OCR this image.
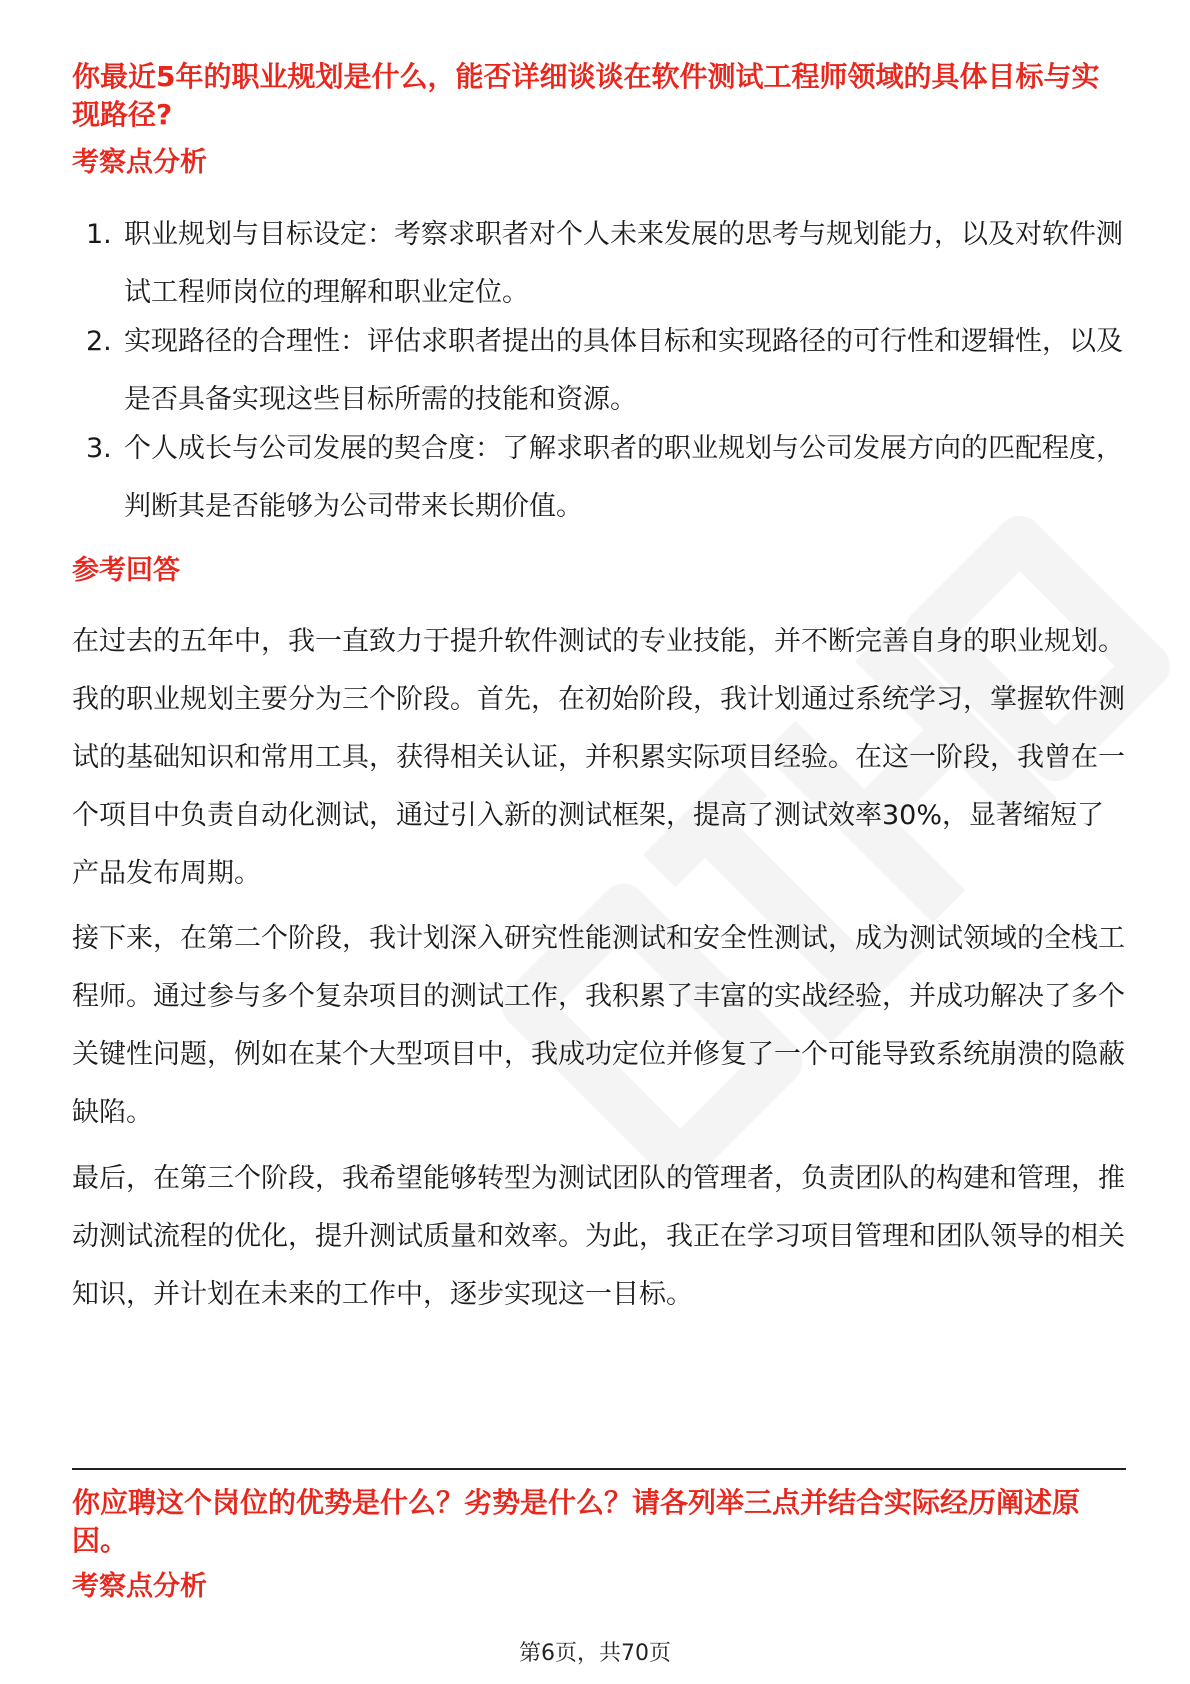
你最近5年的职业规划是什么，能否详细谈谈在软件测试工程师领域的具体目标与实现路径?
考察点分析
1. 职业规划与目标设定：考察求职者对个人未来发展的思考与规划能力，以及对软件测试工程师岗位的理解和职业定位。
2. 实现路径的合理性：评估求职者提出的具体目标和实现路径的可行性和逻辑性，以及是否具备实现这些目标所需的技能和资源。
3. 个人成长与公司发展的契合度：了解求职者的职业规划与公司发展方向的匹配程度，判断其是否能够为公司带来长期价值。
参考回答

在过去的五年中，我一直致力于提升软件测试的专业技能，并不断完善自身的职业规划。我的职业规划主要分为三个阶段。首先，在初始阶段，我计划通过系统学习，掌握软件测试的基础知识和常用工具，获得相关认证，并积累实际项目经验。在这一阶段，我曾在一个项目中负责自动化测试，通过引入新的测试框架，提高了测试效率30%，显著缩短了产品发布周期。

接下来，在第二个阶段，我计划深入研究性能测试和安全性测试，成为测试领域的全栈工程师。通过参与多个复杂项目的测试工作，我积累了丰富的实战经验，并成功解决了多个关键性问题，例如在某个大型项目中，我成功定位并修复了一个可能导致系统崩溃的隐蔽缺陷。

最后，在第三个阶段，我希望能够转型为测试团队的管理者，负责团队的构建和管理，推动测试流程的优化，提升测试质量和效率。为此，我正在学习项目管理和团队领导的相关知识，并计划在未来的工作中，逐步实现这一目标。

你应聘这个岗位的优势是什么？劣势是什么？请各列举三点并结合实际经历阐述原因。
考察点分析
第6页，共70页
